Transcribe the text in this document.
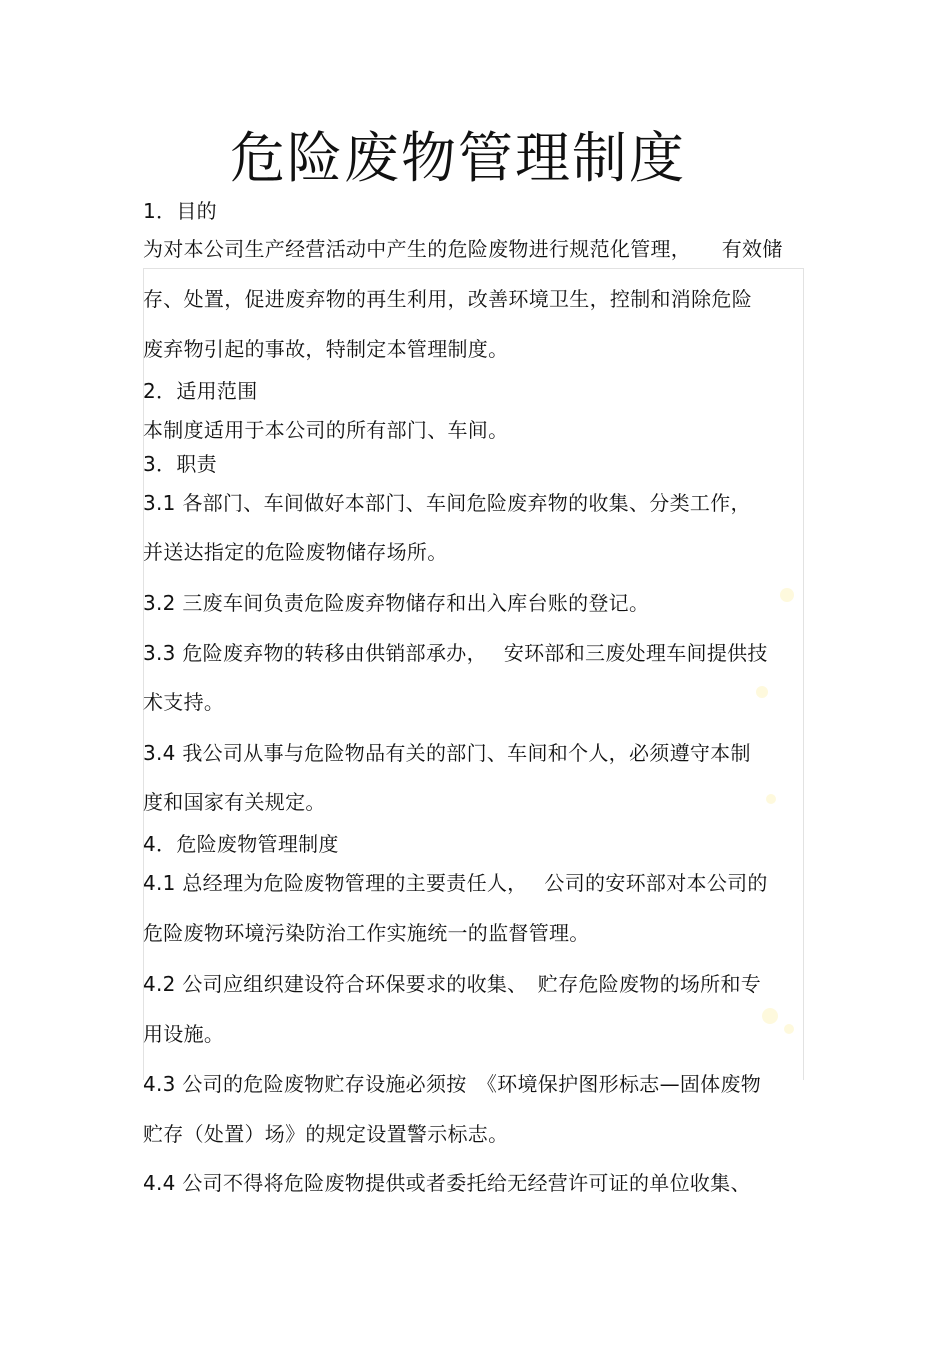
危险废物管理制度
1．目的
为对本公司生产经营活动中产生的危险废物进行规范化管理，　　有效储
存、处置，促进废弃物的再生利用，改善环境卫生，控制和消除危险
废弃物引起的事故，特制定本管理制度。
2．适用范围
本制度适用于本公司的所有部门、车间。
3．职责
3.1 各部门、车间做好本部门、车间危险废弃物的收集、分类工作，
并送达指定的危险废物储存场所。
3.2 三废车间负责危险废弃物储存和出入库台账的登记。
3.3 危险废弃物的转移由供销部承办，　 安环部和三废处理车间提供技
术支持。
3.4 我公司从事与危险物品有关的部门、车间和个人，必须遵守本制
度和国家有关规定。
4．危险废物管理制度
4.1 总经理为危险废物管理的主要责任人，　 公司的安环部对本公司的
危险废物环境污染防治工作实施统一的监督管理。
4.2 公司应组织建设符合环保要求的收集、　贮存危险废物的场所和专
用设施。
4.3 公司的危险废物贮存设施必须按　《环境保护图形标志—固体废物
贮存（处置）场》的规定设置警示标志。
4.4 公司不得将危险废物提供或者委托给无经营许可证的单位收集、
